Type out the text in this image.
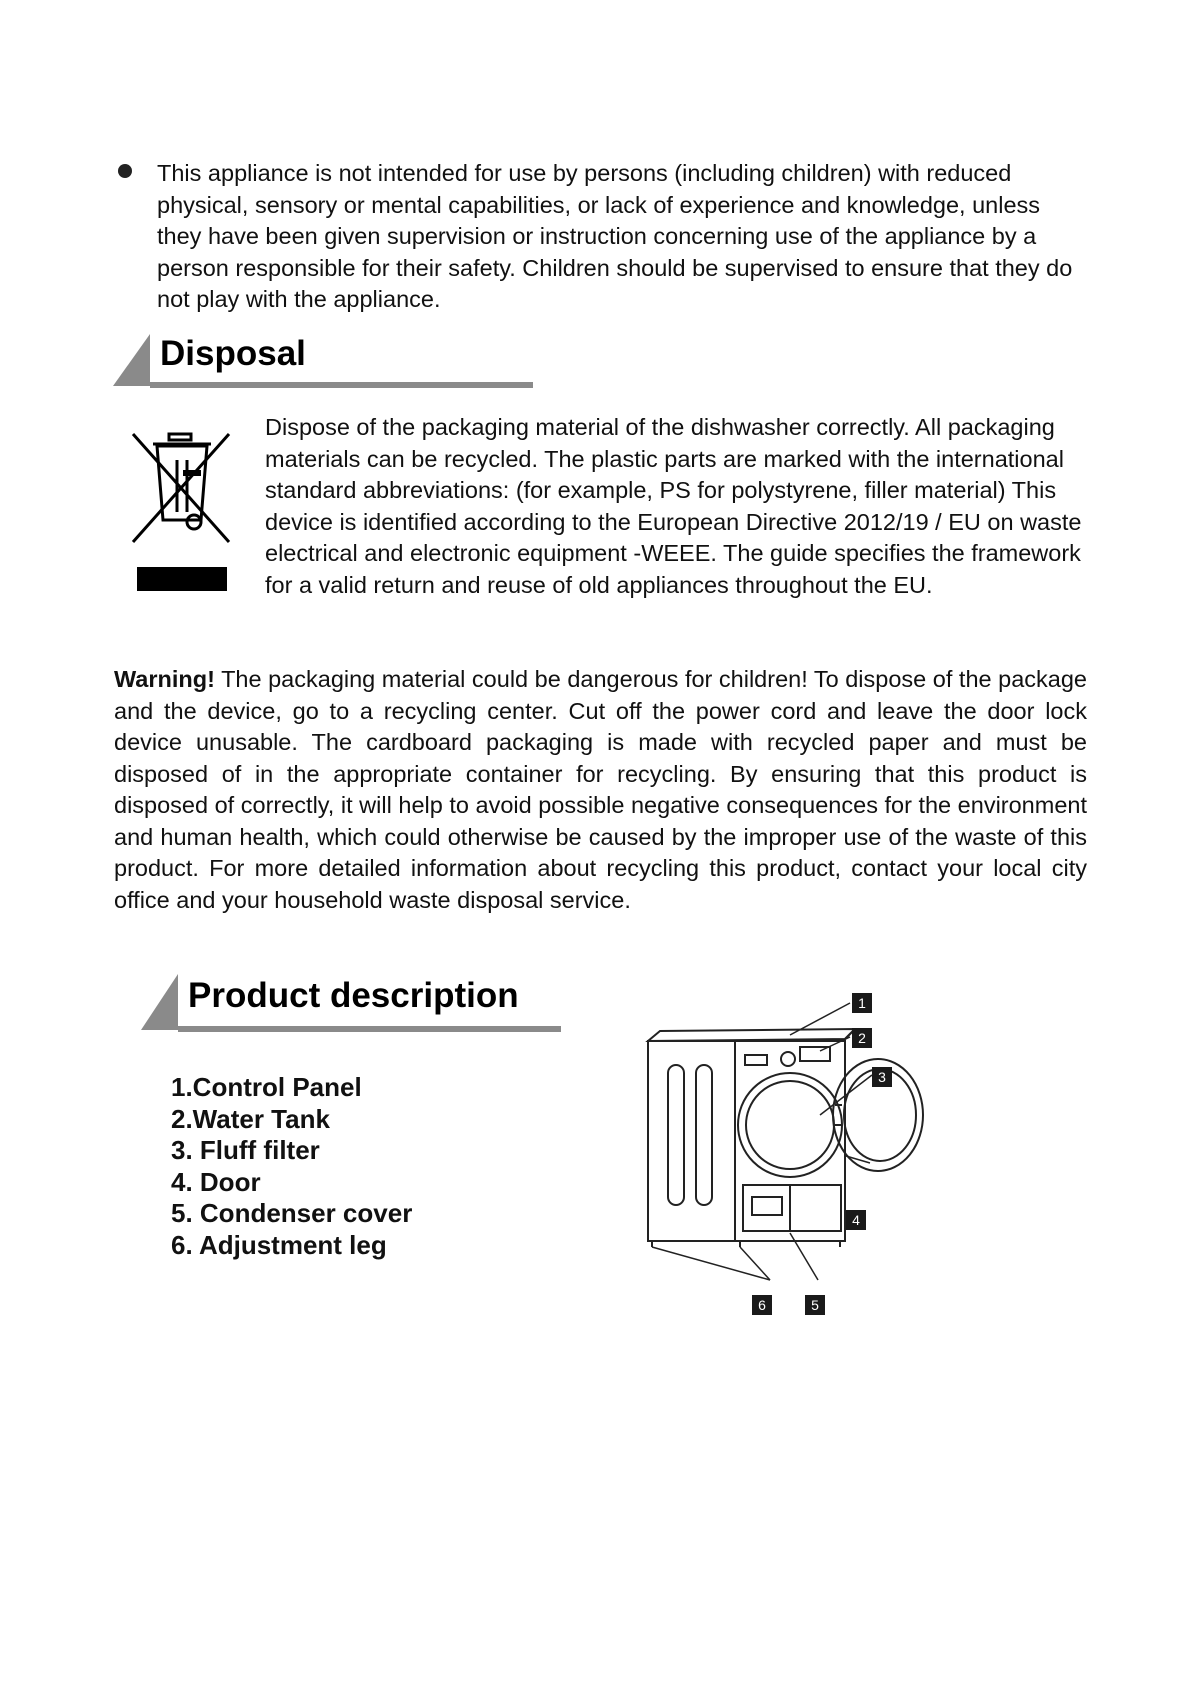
This appliance is not intended for use by persons (including children) with reduced physical, sensory or mental capabilities, or lack of experience and knowledge, unless they have been given supervision or instruction concerning use of the appliance by a person responsible for their safety. Children should be supervised to ensure that they do not play with the appliance.

Disposal

Dispose of the packaging material of the dishwasher correctly. All packaging materials can be recycled. The plastic parts are marked with the international standard abbreviations: (for example, PS for polystyrene, filler material) This device is identified according to the European Directive 2012/19 / EU on waste electrical and electronic equipment -WEEE. The guide specifies the framework for a valid return and reuse of old appliances throughout the EU.

Warning! The packaging material could be dangerous for children! To dispose of the package and the device, go to a recycling center. Cut off the power cord and leave the door lock device unusable. The cardboard packaging is made with recycled paper and must be disposed of in the appropriate container for recycling. By ensuring that this product is disposed of correctly, it will help to avoid possible negative consequences for the environment and human health, which could otherwise be caused by the improper use of the waste of this product. For more detailed information about recycling this product, contact your local city office and your household waste disposal service.

Product description
1.Control Panel
2.Water Tank
3. Fluff filter
4. Door
5. Condenser cover
6. Adjustment leg
1
2
3
4
5
6
